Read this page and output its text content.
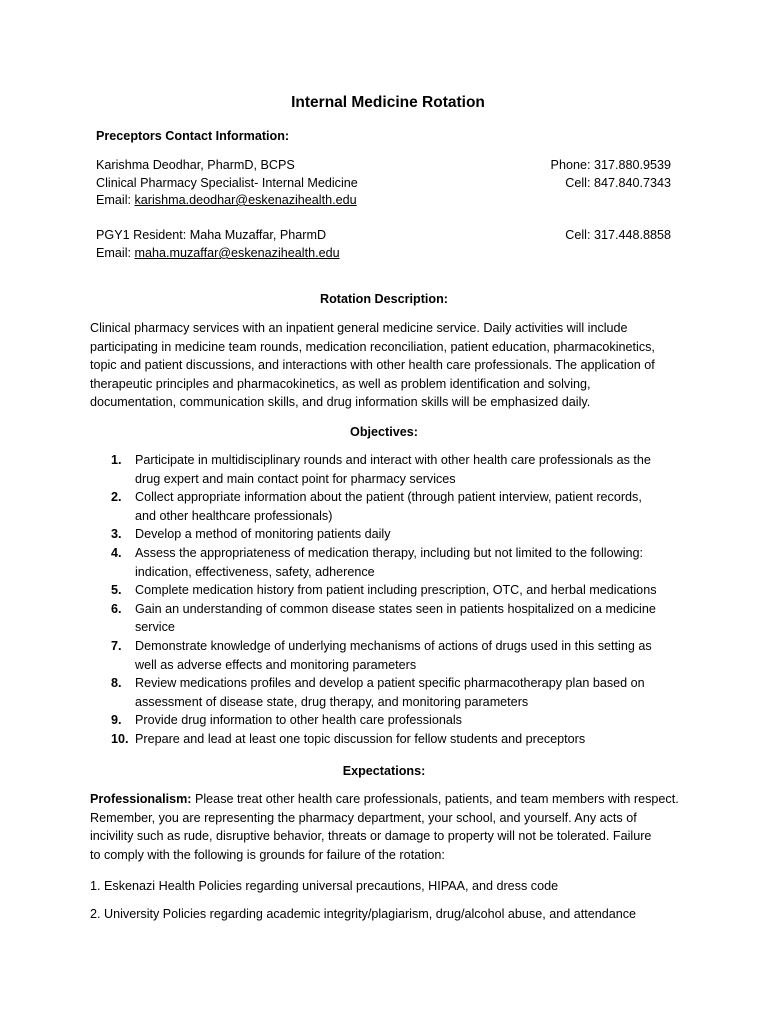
Internal Medicine Rotation
Preceptors Contact Information:
Karishma Deodhar, PharmD, BCPS	Phone: 317.880.9539
Clinical Pharmacy Specialist- Internal Medicine	Cell: 847.840.7343
Email: karishma.deodhar@eskenazihealth.edu
PGY1 Resident: Maha Muzaffar, PharmD	Cell: 317.448.8858
Email: maha.muzaffar@eskenazihealth.edu
Rotation Description:
Clinical pharmacy services with an inpatient general medicine service. Daily activities will include
participating in medicine team rounds, medication reconciliation, patient education, pharmacokinetics,
topic and patient discussions, and interactions with other health care professionals. The application of
therapeutic principles and pharmacokinetics, as well as problem identification and solving,
documentation, communication skills, and drug information skills will be emphasized daily.
Objectives:
1. Participate in multidisciplinary rounds and interact with other health care professionals as the
drug expert and main contact point for pharmacy services
2. Collect appropriate information about the patient (through patient interview, patient records,
and other healthcare professionals)
3. Develop a method of monitoring patients daily
4. Assess the appropriateness of medication therapy, including but not limited to the following:
indication, effectiveness, safety, adherence
5. Complete medication history from patient including prescription, OTC, and herbal medications
6. Gain an understanding of common disease states seen in patients hospitalized on a medicine
service
7. Demonstrate knowledge of underlying mechanisms of actions of drugs used in this setting as
well as adverse effects and monitoring parameters
8. Review medications profiles and develop a patient specific pharmacotherapy plan based on
assessment of disease state, drug therapy, and monitoring parameters
9. Provide drug information to other health care professionals
10. Prepare and lead at least one topic discussion for fellow students and preceptors
Expectations:
Professionalism: Please treat other health care professionals, patients, and team members with respect.
Remember, you are representing the pharmacy department, your school, and yourself. Any acts of
incivility such as rude, disruptive behavior, threats or damage to property will not be tolerated. Failure
to comply with the following is grounds for failure of the rotation:
1. Eskenazi Health Policies regarding universal precautions, HIPAA, and dress code
2. University Policies regarding academic integrity/plagiarism, drug/alcohol abuse, and attendance
